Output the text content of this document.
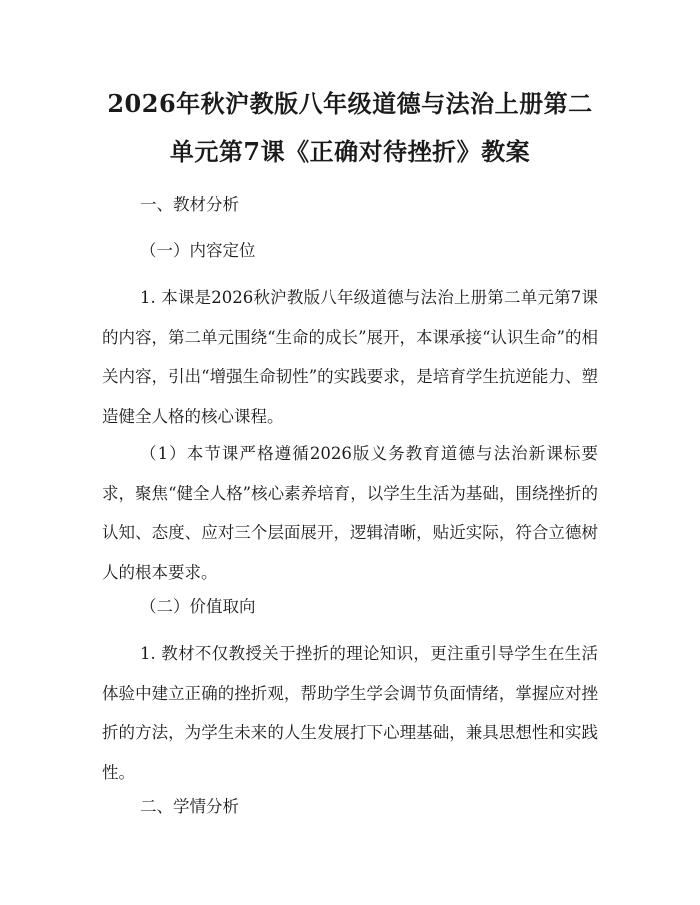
2026年秋沪教版八年级道德与法治上册第二
单元第7课《正确对待挫折》教案

一、教材分析

（一）内容定位

1. 本课是2026秋沪教版八年级道德与法治上册第二单元第7课的内容，第二单元围绕“生命的成长”展开，本课承接“认识生命”的相关内容，引出“增强生命韧性”的实践要求，是培育学生抗逆能力、塑造健全人格的核心课程。

（1）本节课严格遵循2026版义务教育道德与法治新课标要求，聚焦“健全人格”核心素养培育，以学生生活为基础，围绕挫折的认知、态度、应对三个层面展开，逻辑清晰，贴近实际，符合立德树人的根本要求。

（二）价值取向

1. 教材不仅教授关于挫折的理论知识，更注重引导学生在生活体验中建立正确的挫折观，帮助学生学会调节负面情绪，掌握应对挫折的方法，为学生未来的人生发展打下心理基础，兼具思想性和实践性。

二、学情分析
